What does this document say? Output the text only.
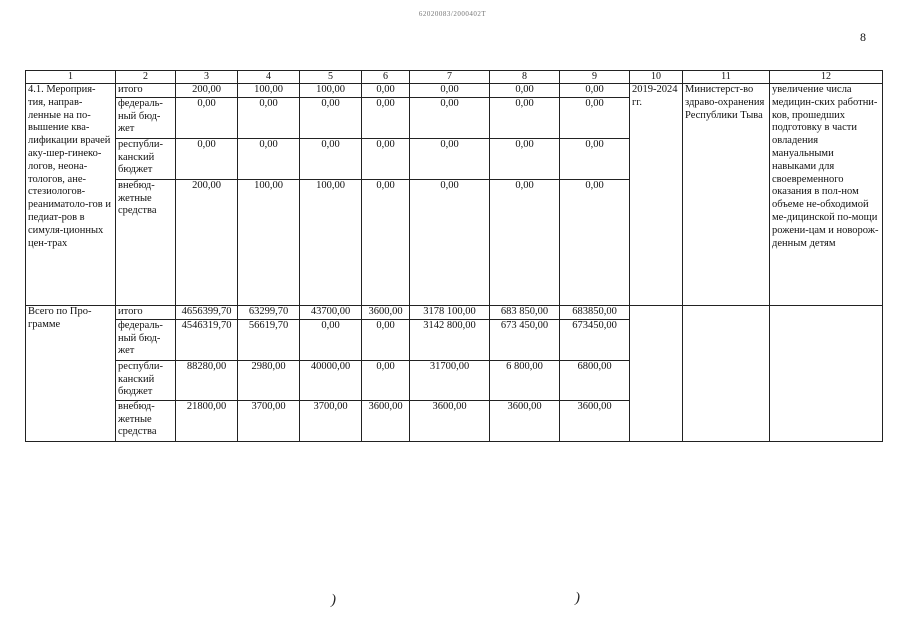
62020083/2000402Т
8
1	2	3	4	5	6	7	8	9	10	11	12
4.1. Мероприя-тия, направ-ленные на по-вышение ква-лификации врачей аку-шер-гинеко-логов, неона-тологов, ане-стезиологов-реаниматоло-гов и педиат-ров в симуля-ционных цен-трах	итого	200,00	100,00	100,00	0,00	0,00	0,00	0,00	2019-2024 гг.	Министерст-во здраво-охранения Республики Тыва	увеличение числа медицин-ских работни-ков, прошедших подготовку в части овладения мануальными навыками для своевременного оказания в пол-ном объеме не-обходимой ме-дицинской по-мощи рожени-цам и новорож-денным детям
	федераль-ный бюд-жет	0,00	0,00	0,00	0,00	0,00	0,00	0,00			
	республи-канский бюджет	0,00	0,00	0,00	0,00	0,00	0,00	0,00			
	внебюд-жетные средства	200,00	100,00	100,00	0,00	0,00	0,00	0,00			
Всего по Про-грамме	итого	4656399,70	63299,70	43700,00	3600,00	3178 100,00	683 850,00	683850,00			
	федераль-ный бюд-жет	4546319,70	56619,70	0,00	0,00	3142 800,00	673 450,00	673450,00			
	республи-канский бюджет	88280,00	2980,00	40000,00	0,00	31700,00	6 800,00	6800,00			
	внебюд-жетные средства	21800,00	3700,00	3700,00	3600,00	3600,00	3600,00	3600,00			
)	)
